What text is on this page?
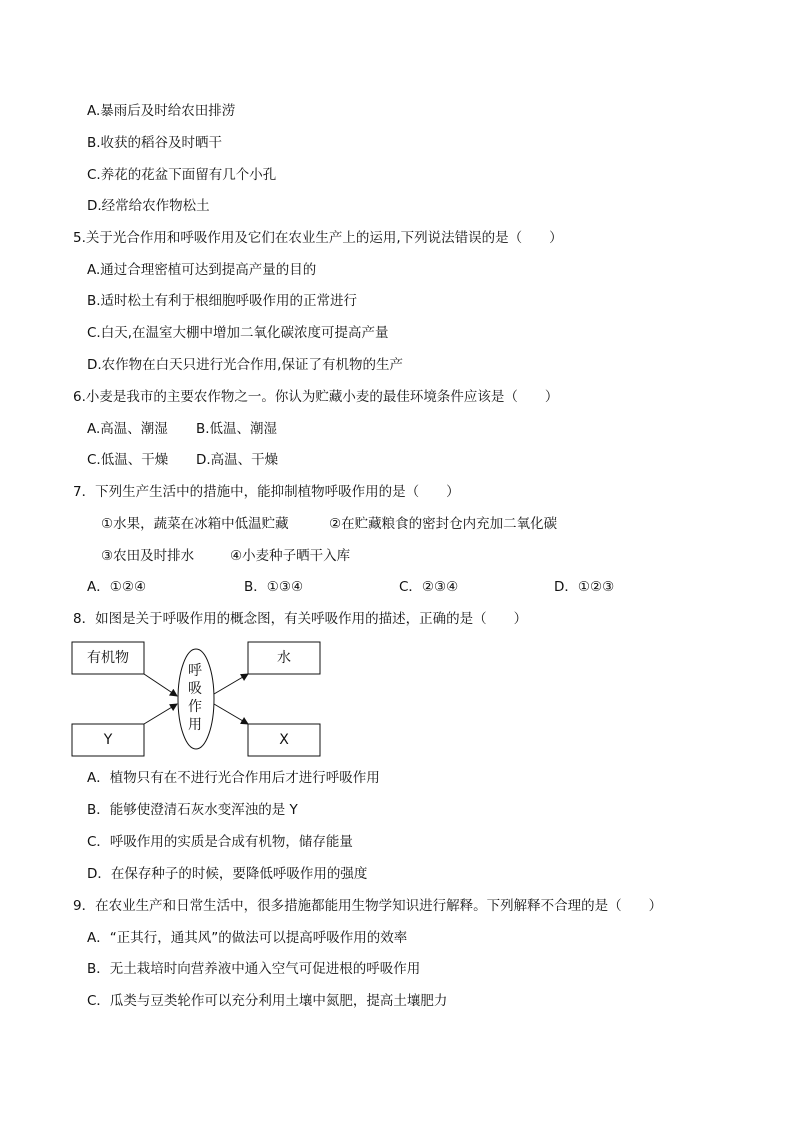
A.暴雨后及时给农田排涝
B.收获的稻谷及时晒干
C.养花的花盆下面留有几个小孔
D.经常给农作物松土
5.关于光合作用和呼吸作用及它们在农业生产上的运用,下列说法错误的是（　　）
A.通过合理密植可达到提高产量的目的
B.适时松土有利于根细胞呼吸作用的正常进行
C.白天,在温室大棚中增加二氧化碳浓度可提高产量
D.农作物在白天只进行光合作用,保证了有机物的生产
6.小麦是我市的主要农作物之一。你认为贮藏小麦的最佳环境条件应该是（　　）
A.高温、潮湿 B.低温、潮湿
C.低温、干燥 D.高温、干燥
7．下列生产生活中的措施中，能抑制植物呼吸作用的是（　　）
①水果，蔬菜在冰箱中低温贮藏	②在贮藏粮食的密封仓内充加二氧化碳
③农田及时排水	④小麦种子晒干入库
A．①②④	B．①③④	C．②③④	D．①②③
8．如图是关于呼吸作用的概念图，有关呼吸作用的描述，正确的是（　　）
有机物
Y
水
X
呼
吸
作
用
A．植物只有在不进行光合作用后才进行呼吸作用
B．能够使澄清石灰水变浑浊的是 Y
C．呼吸作用的实质是合成有机物，储存能量
D．在保存种子的时候，要降低呼吸作用的强度
9．在农业生产和日常生活中，很多措施都能用生物学知识进行解释。下列解释不合理的是（　　）
A．“正其行，通其风”的做法可以提高呼吸作用的效率
B．无土栽培时向营养液中通入空气可促进根的呼吸作用
C．瓜类与豆类轮作可以充分利用土壤中氮肥，提高土壤肥力
